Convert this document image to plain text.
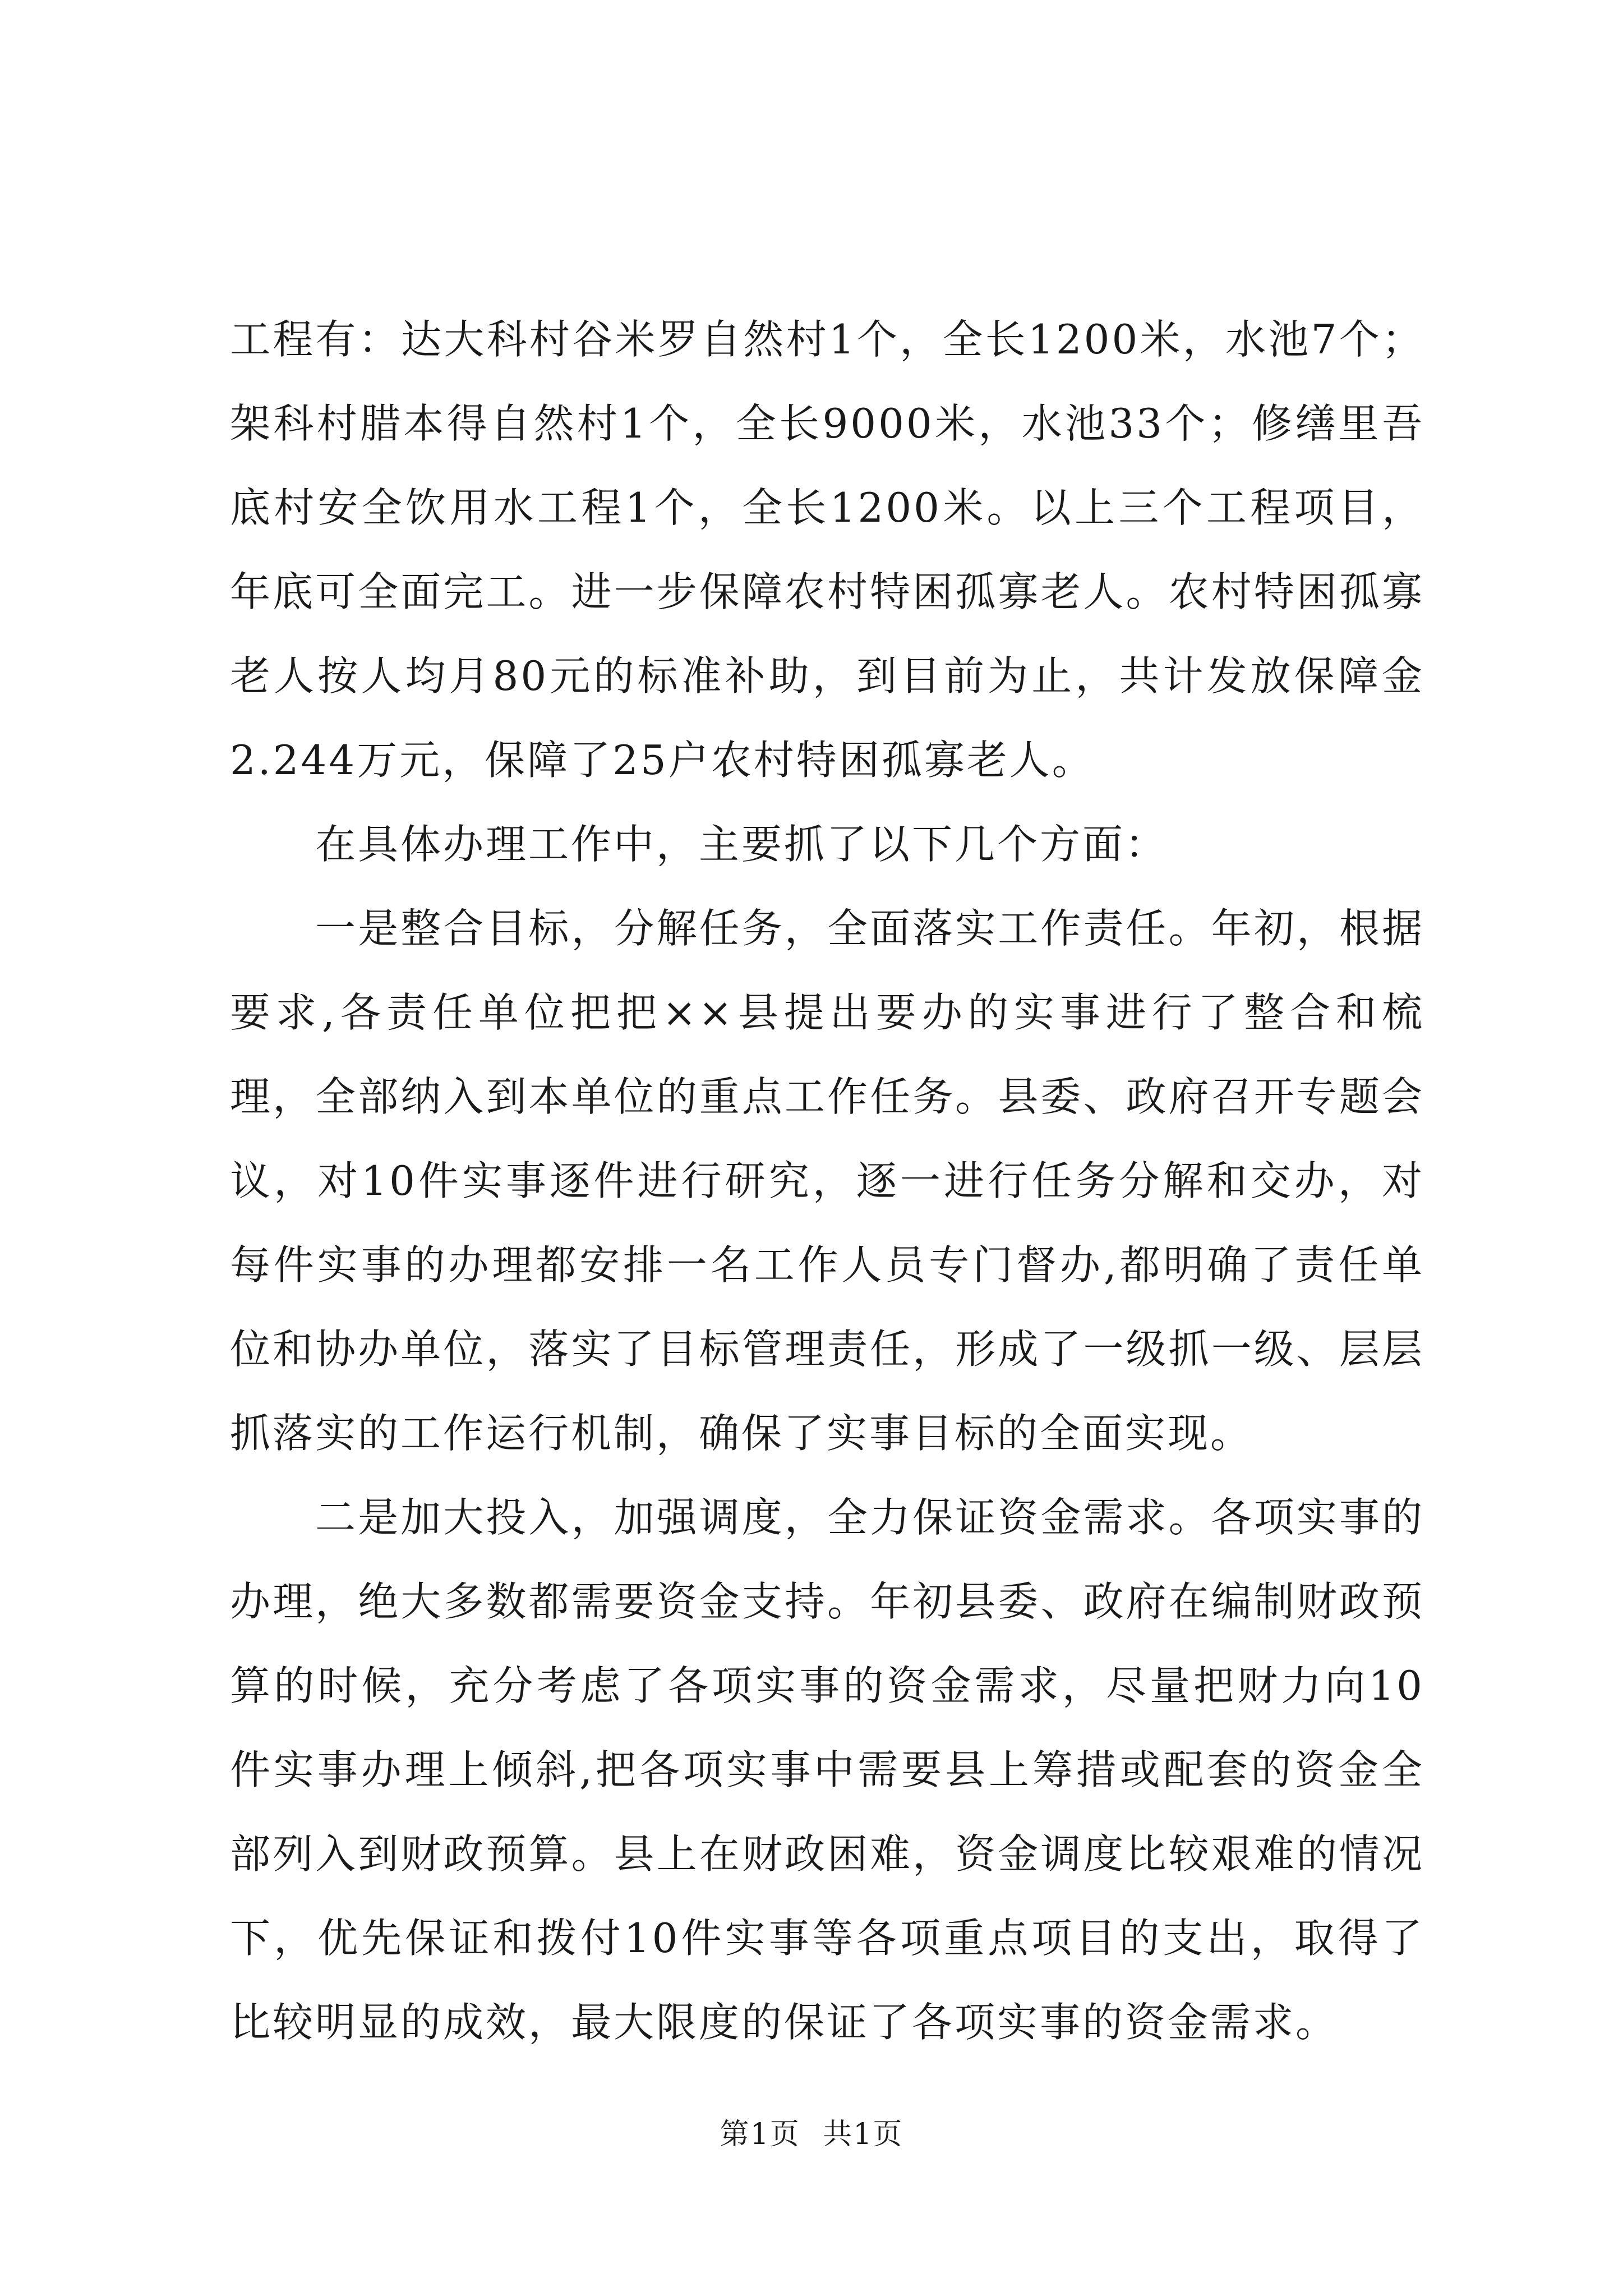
工程有：达大科村谷米罗自然村1个，全长1200米，水池7个；架科村腊本得自然村1个，全长9000米，水池33个；修缮里吾底村安全饮用水工程1个，全长1200米。以上三个工程项目，年底可全面完工。进一步保障农村特困孤寡老人。农村特困孤寡老人按人均月80元的标准补助，到目前为止，共计发放保障金2.244万元，保障了25户农村特困孤寡老人。

在具体办理工作中，主要抓了以下几个方面：

一是整合目标，分解任务，全面落实工作责任。年初，根据要求,各责任单位把把××县提出要办的实事进行了整合和梳理，全部纳入到本单位的重点工作任务。县委、政府召开专题会议，对10件实事逐件进行研究，逐一进行任务分解和交办，对每件实事的办理都安排一名工作人员专门督办,都明确了责任单位和协办单位，落实了目标管理责任，形成了一级抓一级、层层抓落实的工作运行机制，确保了实事目标的全面实现。

二是加大投入，加强调度，全力保证资金需求。各项实事的办理，绝大多数都需要资金支持。年初县委、政府在编制财政预算的时候，充分考虑了各项实事的资金需求，尽量把财力向10件实事办理上倾斜,把各项实事中需要县上筹措或配套的资金全部列入到财政预算。县上在财政困难，资金调度比较艰难的情况下，优先保证和拨付10件实事等各项重点项目的支出，取得了比较明显的成效，最大限度的保证了各项实事的资金需求。

第1页 共1页
